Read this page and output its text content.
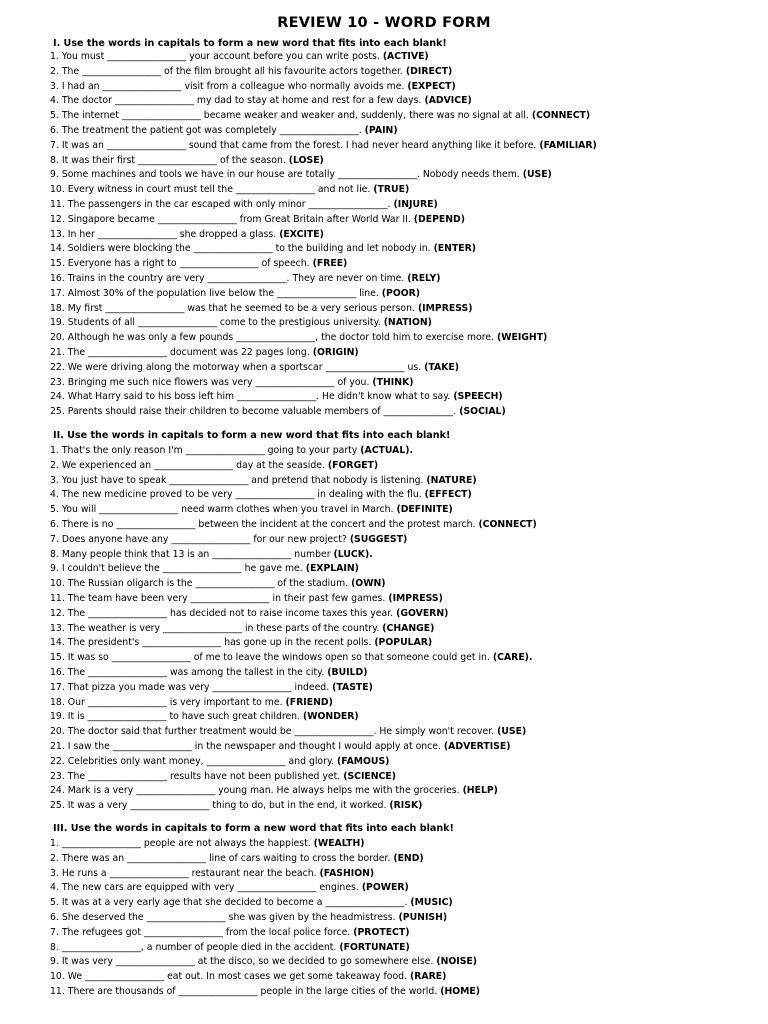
REVIEW 10 - WORD FORM
I. Use the words in capitals to form a new word that fits into each blank!
1. You must _________________ your account before you can write posts. (ACTIVE)
2. The _________________ of the film brought all his favourite actors together. (DIRECT)
3. I had an _________________ visit from a colleague who normally avoids me. (EXPECT)
4. The doctor _________________ my dad to stay at home and rest for a few days. (ADVICE)
5. The internet _________________ became weaker and weaker and, suddenly, there was no signal at all. (CONNECT)
6. The treatment the patient got was completely _________________. (PAIN)
7. It was an _________________ sound that came from the forest. I had never heard anything like it before. (FAMILIAR)
8. It was their first _________________ of the season. (LOSE)
9. Some machines and tools we have in our house are totally _________________. Nobody needs them. (USE)
10. Every witness in court must tell the _________________ and not lie. (TRUE)
11. The passengers in the car escaped with only minor _________________. (INJURE)
12. Singapore became _________________ from Great Britain after World War II. (DEPEND)
13. In her _________________ she dropped a glass. (EXCITE)
14. Soldiers were blocking the _________________ to the building and let nobody in. (ENTER)
15. Everyone has a right to _________________ of speech. (FREE)
16. Trains in the country are very _________________. They are never on time. (RELY)
17. Almost 30% of the population live below the _________________ line. (POOR)
18. My first _________________ was that he seemed to be a very serious person. (IMPRESS)
19. Students of all _________________ come to the prestigious university. (NATION)
20. Although he was only a few pounds _________________, the doctor told him to exercise more. (WEIGHT)
21. The _________________ document was 22 pages long. (ORIGIN)
22. We were driving along the motorway when a sportscar _________________ us. (TAKE)
23. Bringing me such nice flowers was very _________________ of you. (THINK)
24. What Harry said to his boss left him _________________. He didn't know what to say. (SPEECH)
25. Parents should raise their children to become valuable members of _______________. (SOCIAL)
II. Use the words in capitals to form a new word that fits into each blank!
1. That's the only reason I'm _________________ going to your party (ACTUAL).
2. We experienced an _________________ day at the seaside. (FORGET)
3. You just have to speak _________________ and pretend that nobody is listening. (NATURE)
4. The new medicine proved to be very _________________ in dealing with the flu. (EFFECT)
5. You will _________________ need warm clothes when you travel in March. (DEFINITE)
6. There is no _________________ between the incident at the concert and the protest march. (CONNECT)
7. Does anyone have any _________________ for our new project? (SUGGEST)
8. Many people think that 13 is an _________________ number (LUCK).
9. I couldn't believe the _________________ he gave me. (EXPLAIN)
10. The Russian oligarch is the _________________ of the stadium. (OWN)
11. The team have been very _________________ in their past few games. (IMPRESS)
12. The _________________ has decided not to raise income taxes this year. (GOVERN)
13. The weather is very _________________ in these parts of the country. (CHANGE)
14. The president's _________________ has gone up in the recent polls. (POPULAR)
15. It was so _________________ of me to leave the windows open so that someone could get in. (CARE).
16. The _________________ was among the tallest in the city. (BUILD)
17. That pizza you made was very _________________ indeed. (TASTE)
18. Our _________________ is very important to me. (FRIEND)
19. It is _________________ to have such great children. (WONDER)
20. The doctor said that further treatment would be _________________. He simply won't recover. (USE)
21. I saw the _________________ in the newspaper and thought I would apply at once. (ADVERTISE)
22. Celebrities only want money, _________________ and glory. (FAMOUS)
23. The _________________ results have not been published yet. (SCIENCE)
24. Mark is a very _________________ young man. He always helps me with the groceries. (HELP)
25. It was a very _________________ thing to do, but in the end, it worked. (RISK)
III. Use the words in capitals to form a new word that fits into each blank!
1. _________________ people are not always the happiest. (WEALTH)
2. There was an _________________ line of cars waiting to cross the border. (END)
3. He runs a _________________ restaurant near the beach. (FASHION)
4. The new cars are equipped with very _________________ engines. (POWER)
5. It was at a very early age that she decided to become a _________________. (MUSIC)
6. She deserved the _________________ she was given by the headmistress. (PUNISH)
7. The refugees got _________________ from the local police force. (PROTECT)
8. _________________, a number of people died in the accident. (FORTUNATE)
9. It was very _________________ at the disco, so we decided to go somewhere else. (NOISE)
10. We _________________ eat out. In most cases we get some takeaway food. (RARE)
11. There are thousands of _________________ people in the large cities of the world. (HOME)
